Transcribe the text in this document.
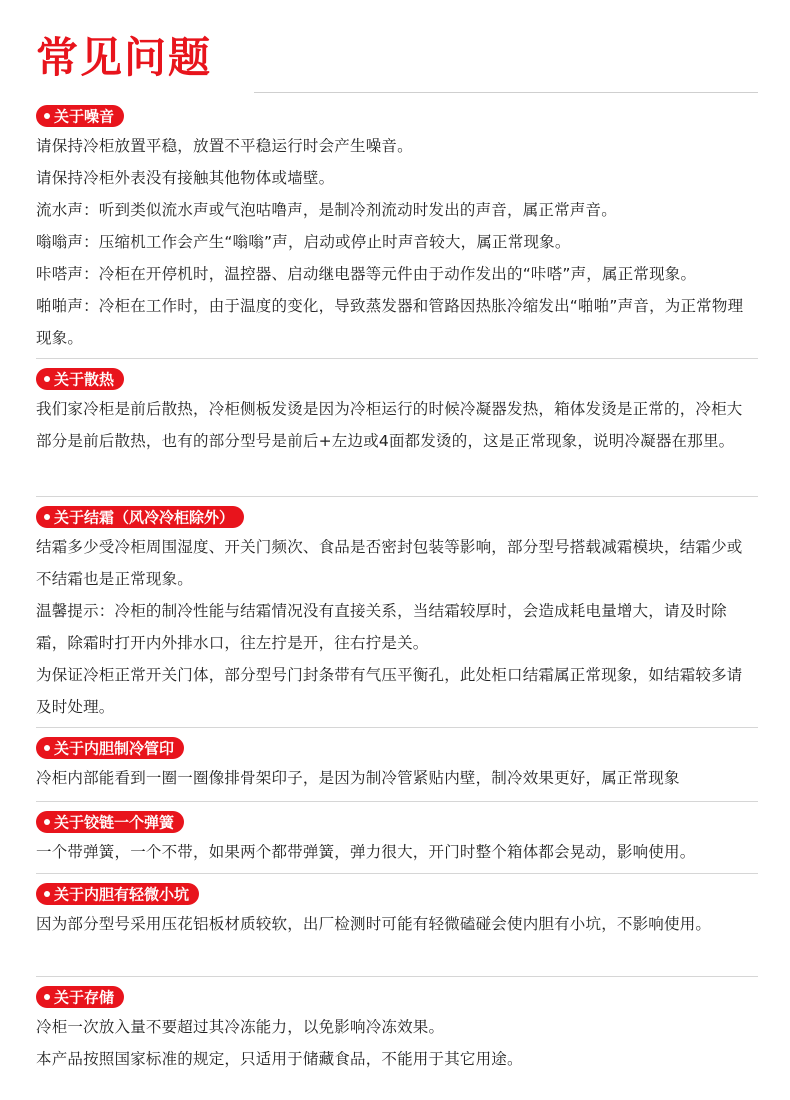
常见问题
关于噪音

请保持冷柜放置平稳，放置不平稳运行时会产生噪音。

请保持冷柜外表没有接触其他物体或墙壁。

流水声：听到类似流水声或气泡咕噜声，是制冷剂流动时发出的声音，属正常声音。

嗡嗡声：压缩机工作会产生“嗡嗡”声，启动或停止时声音较大，属正常现象。

咔嗒声：冷柜在开停机时，温控器、启动继电器等元件由于动作发出的“咔嗒”声，属正常现象。

啪啪声：冷柜在工作时，由于温度的变化，导致蒸发器和管路因热胀冷缩发出“啪啪”声音，为正常物理现象。

关于散热

我们家冷柜是前后散热，冷柜侧板发烫是因为冷柜运行的时候冷凝器发热，箱体发烫是正常的，冷柜大部分是前后散热，也有的部分型号是前后+左边或4面都发烫的，这是正常现象，说明冷凝器在那里。

关于结霜（风冷冷柜除外）

结霜多少受冷柜周围湿度、开关门频次、食品是否密封包装等影响，部分型号搭载减霜模块，结霜少或不结霜也是正常现象。

温馨提示：冷柜的制冷性能与结霜情况没有直接关系，当结霜较厚时，会造成耗电量增大，请及时除霜，除霜时打开内外排水口，往左拧是开，往右拧是关。

为保证冷柜正常开关门体，部分型号门封条带有气压平衡孔，此处柜口结霜属正常现象，如结霜较多请及时处理。

关于内胆制冷管印

冷柜内部能看到一圈一圈像排骨架印子，是因为制冷管紧贴内壁，制冷效果更好，属正常现象

关于铰链一个弹簧

一个带弹簧，一个不带，如果两个都带弹簧，弹力很大，开门时整个箱体都会晃动，影响使用。

关于内胆有轻微小坑

因为部分型号采用压花铝板材质较软，出厂检测时可能有轻微磕碰会使内胆有小坑，不影响使用。

关于存储

冷柜一次放入量不要超过其冷冻能力，以免影响冷冻效果。

本产品按照国家标准的规定，只适用于储藏食品，不能用于其它用途。
